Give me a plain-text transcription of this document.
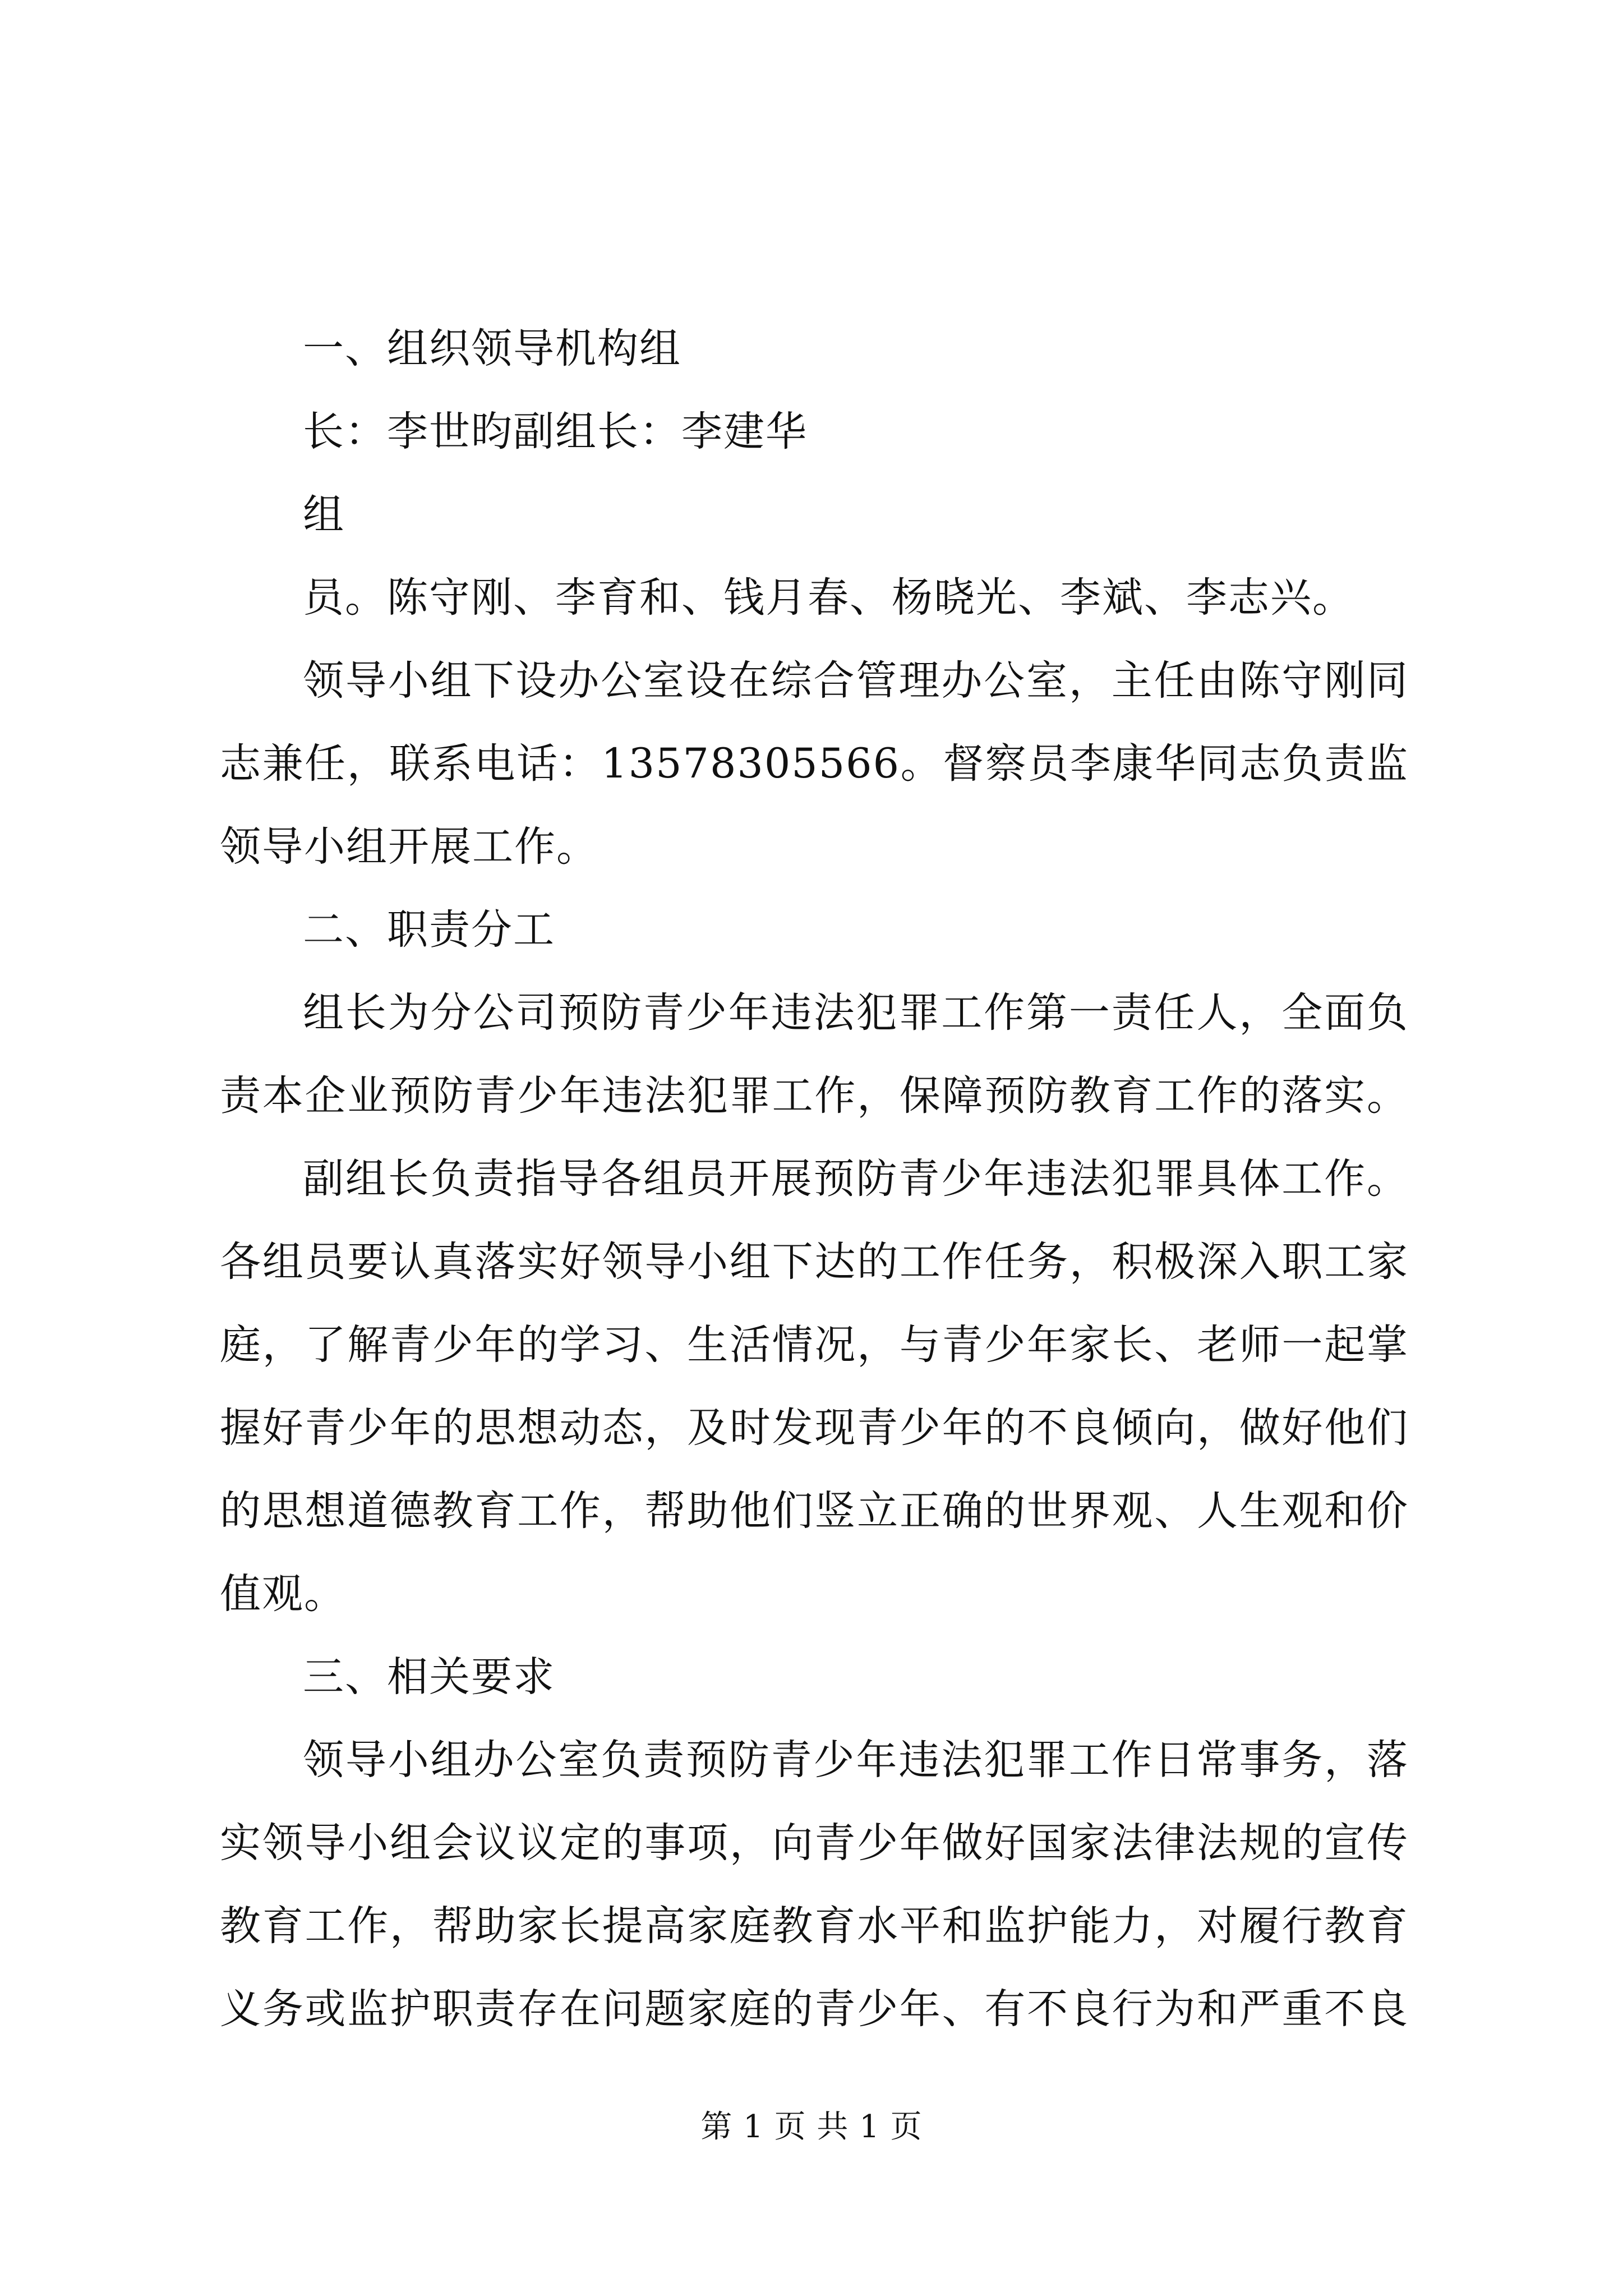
一、组织领导机构组
长：李世昀副组长：李建华
组
员。陈守刚、李育和、钱月春、杨晓光、李斌、李志兴。
领导小组下设办公室设在综合管理办公室，主任由陈守刚同
志兼任，联系电话：13578305566。督察员李康华同志负责监
领导小组开展工作。
二、职责分工
组长为分公司预防青少年违法犯罪工作第一责任人，全面负
责本企业预防青少年违法犯罪工作，保障预防教育工作的落实。
副组长负责指导各组员开展预防青少年违法犯罪具体工作。
各组员要认真落实好领导小组下达的工作任务，积极深入职工家
庭，了解青少年的学习、生活情况，与青少年家长、老师一起掌
握好青少年的思想动态，及时发现青少年的不良倾向，做好他们
的思想道德教育工作，帮助他们竖立正确的世界观、人生观和价
值观。
三、相关要求
领导小组办公室负责预防青少年违法犯罪工作日常事务，落
实领导小组会议议定的事项，向青少年做好国家法律法规的宣传
教育工作，帮助家长提高家庭教育水平和监护能力，对履行教育
义务或监护职责存在问题家庭的青少年、有不良行为和严重不良
第 1 页 共 1 页
